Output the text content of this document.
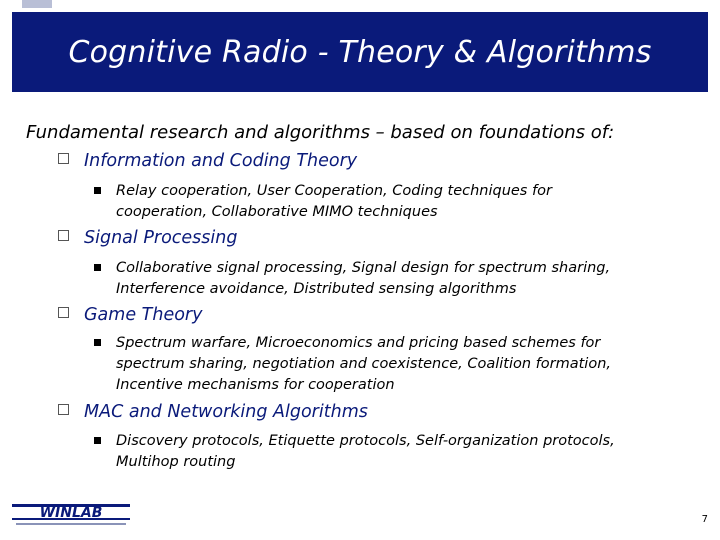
Cognitive Radio - Theory & Algorithms
Fundamental research and algorithms – based on foundations of:
Information and Coding Theory
Relay cooperation, User Cooperation, Coding techniques for
cooperation, Collaborative MIMO techniques
Signal Processing
Collaborative signal processing, Signal design for spectrum sharing,
Interference avoidance, Distributed sensing algorithms
Game Theory
Spectrum warfare, Microeconomics and pricing based schemes for
spectrum sharing, negotiation and coexistence, Coalition formation,
Incentive mechanisms for cooperation
MAC and Networking Algorithms
Discovery protocols, Etiquette protocols, Self-organization protocols,
Multihop routing
WINLAB	7
